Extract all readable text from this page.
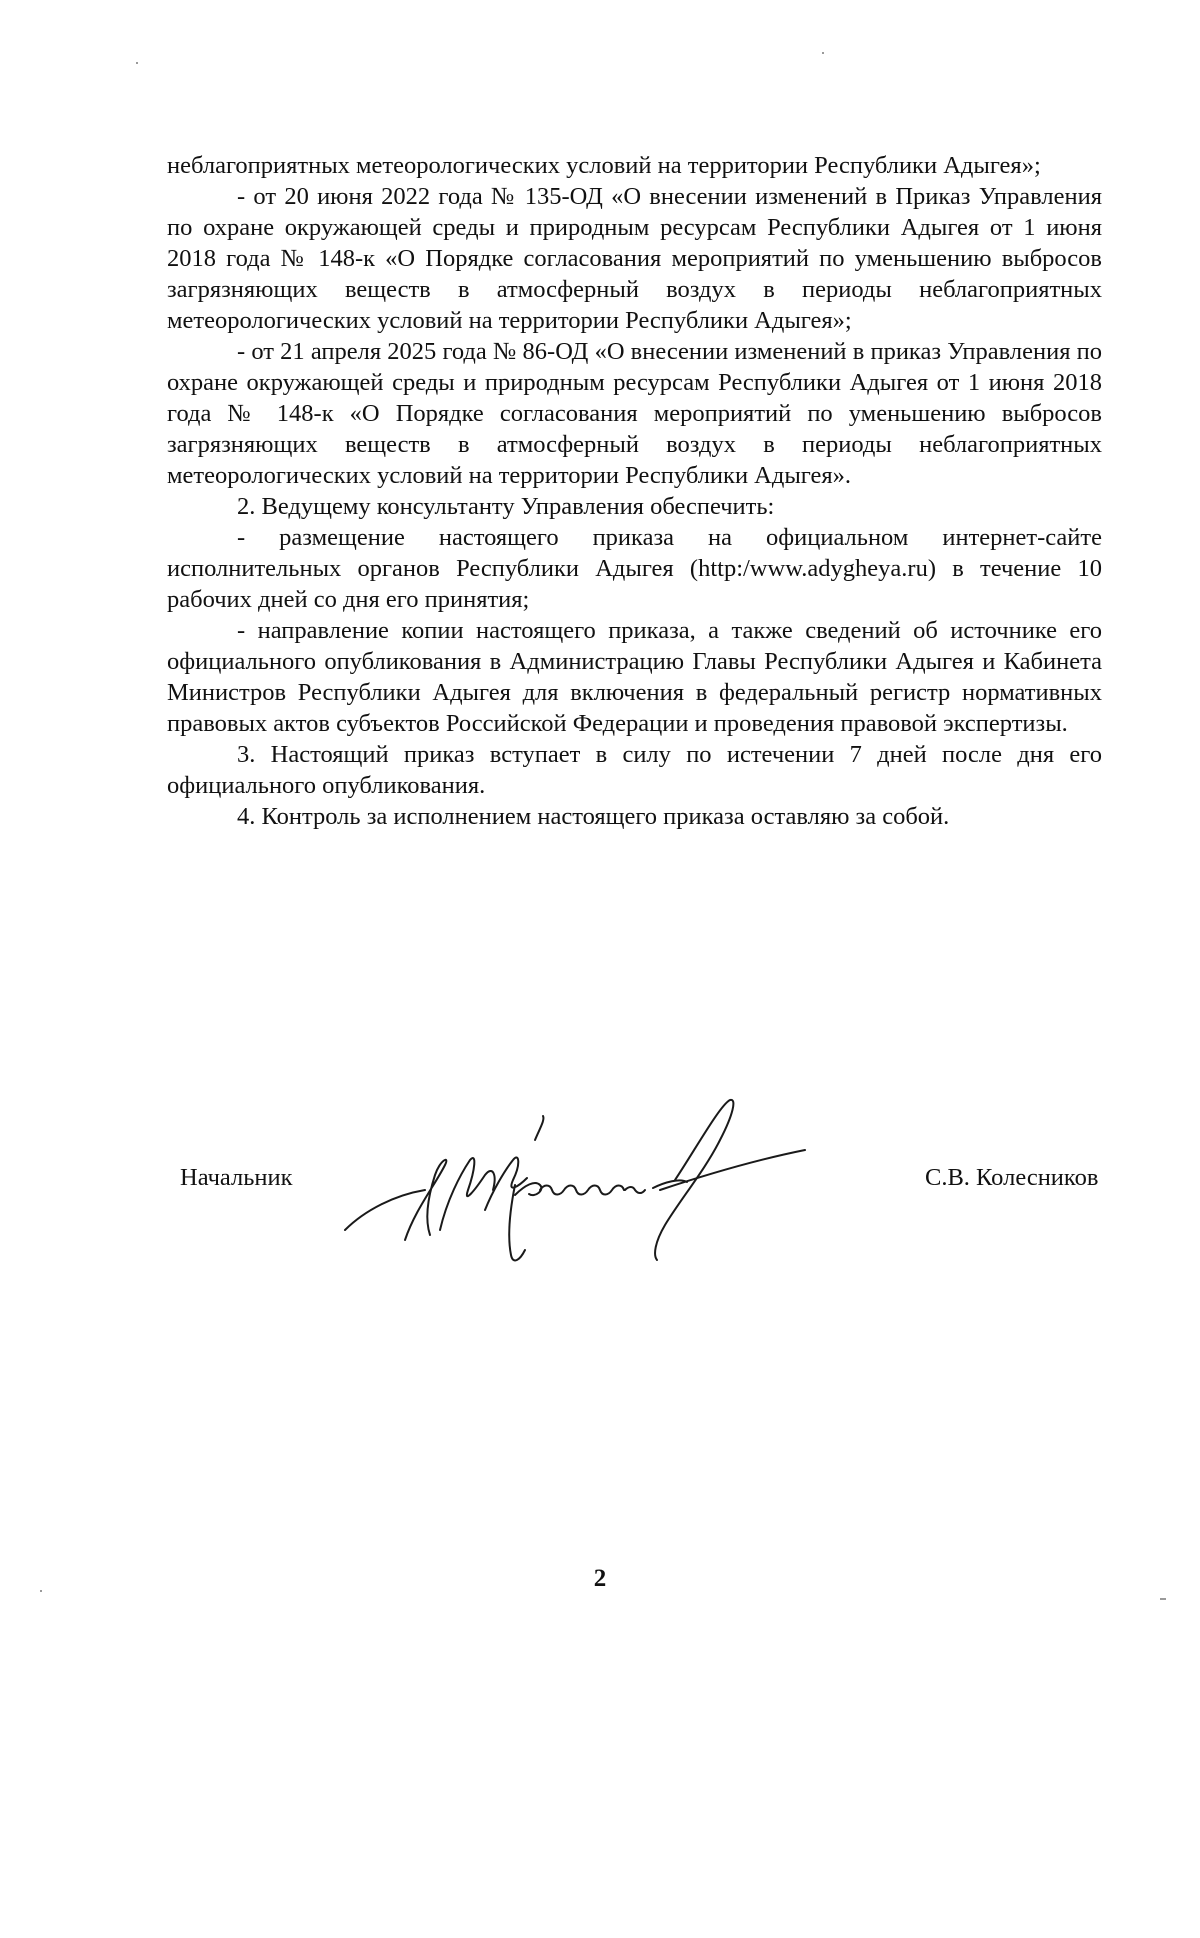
неблагоприятных метеорологических условий на территории Республики Адыгея»;

- от 20 июня 2022 года № 135-ОД «О внесении изменений в Приказ Управления по охране окружающей среды и природным ресурсам Республики Адыгея от 1 июня 2018 года № 148-к «О Порядке согласования мероприятий по уменьшению выбросов загрязняющих веществ в атмосферный воздух в периоды неблагоприятных метеорологических условий на территории Республики Адыгея»;

- от 21 апреля 2025 года № 86-ОД «О внесении изменений в приказ Управления по охране окружающей среды и природным ресурсам Республики Адыгея от 1 июня 2018 года № 148-к «О Порядке согласования мероприятий по уменьшению выбросов загрязняющих веществ в атмосферный воздух в периоды неблагоприятных метеорологических условий на территории Республики Адыгея».

2. Ведущему консультанту Управления обеспечить:

- размещение настоящего приказа на официальном интернет-сайте исполнительных органов Республики Адыгея (http:/www.adygheya.ru) в течение 10 рабочих дней со дня его принятия;

- направление копии настоящего приказа, а также сведений об источнике его официального опубликования в Администрацию Главы Республики Адыгея и Кабинета Министров Республики Адыгея для включения в федеральный регистр нормативных правовых актов субъектов Российской Федерации и проведения правовой экспертизы.

3. Настоящий приказ вступает в силу по истечении 7 дней после дня его официального опубликования.

4. Контроль за исполнением настоящего приказа оставляю за собой.

Начальник	С.В. Колесников
2
